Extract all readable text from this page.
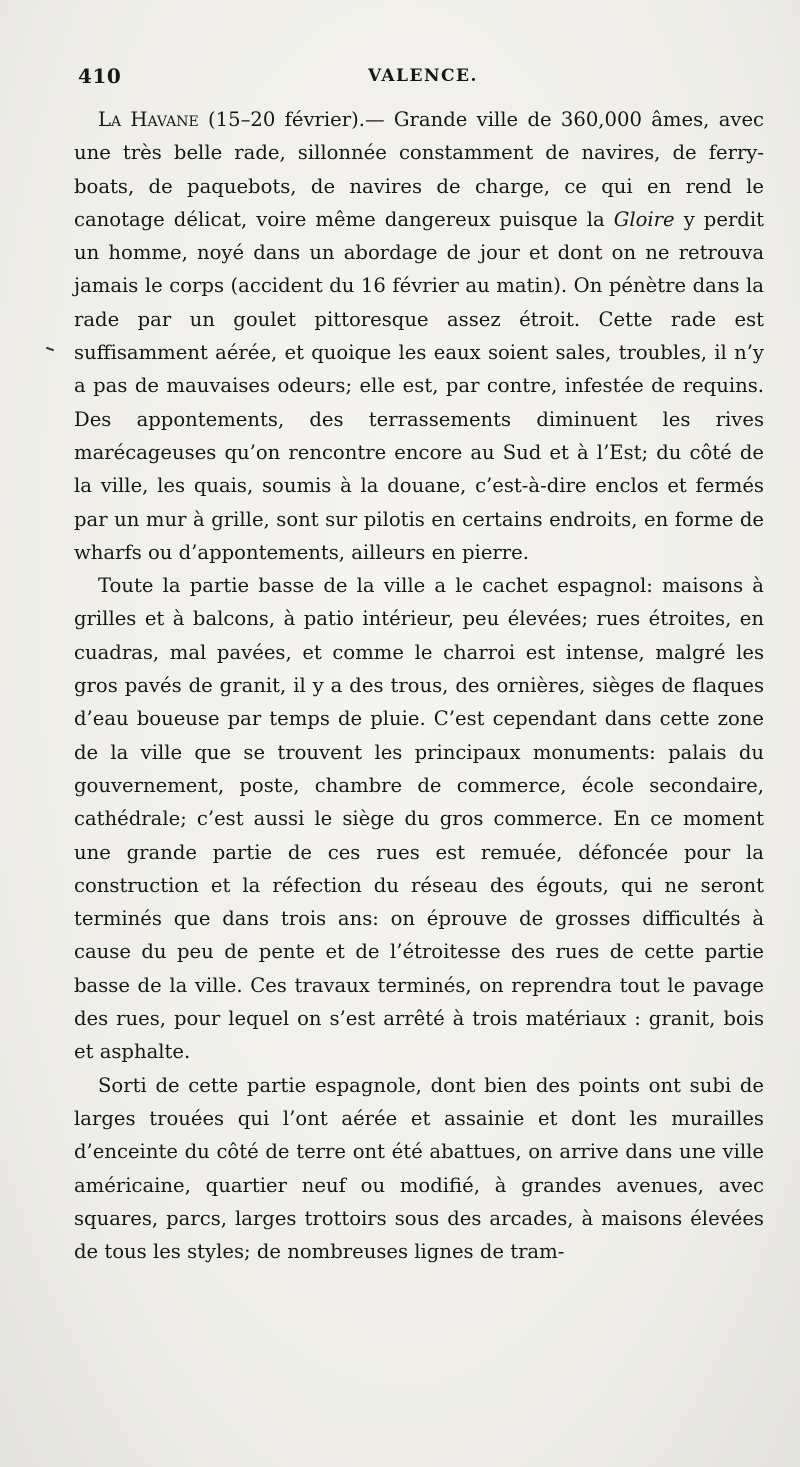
410	VALENCE.

La Havane (15–20 février).— Grande ville de 360,000 âmes, avec une très belle rade, sillonnée constamment de navires, de ferry-boats, de paquebots, de navires de charge, ce qui en rend le canotage délicat, voire même dangereux puisque la Gloire y perdit un homme, noyé dans un abordage de jour et dont on ne retrouva jamais le corps (accident du 16 février au matin). On pénètre dans la rade par un goulet pittoresque assez étroit. Cette rade est suffisamment aérée, et quoique les eaux soient sales, troubles, il n’y a pas de mauvaises odeurs; elle est, par contre, infestée de requins. Des appontements, des terrassements diminuent les rives marécageuses qu’on rencontre encore au Sud et à l’Est; du côté de la ville, les quais, soumis à la douane, c’est-à-dire enclos et fermés par un mur à grille, sont sur pilotis en certains endroits, en forme de wharfs ou d’appontements, ailleurs en pierre.

Toute la partie basse de la ville a le cachet espagnol: maisons à grilles et à balcons, à patio intérieur, peu élevées; rues étroites, en cuadras, mal pavées, et comme le charroi est intense, malgré les gros pavés de granit, il y a des trous, des ornières, sièges de flaques d’eau boueuse par temps de pluie. C’est cependant dans cette zone de la ville que se trouvent les principaux monuments: palais du gouvernement, poste, chambre de commerce, école secondaire, cathédrale; c’est aussi le siège du gros commerce. En ce moment une grande partie de ces rues est remuée, défoncée pour la construction et la réfection du réseau des égouts, qui ne seront terminés que dans trois ans: on éprouve de grosses difficultés à cause du peu de pente et de l’étroitesse des rues de cette partie basse de la ville. Ces travaux terminés, on reprendra tout le pavage des rues, pour lequel on s’est arrêté à trois matériaux : granit, bois et asphalte.

Sorti de cette partie espagnole, dont bien des points ont subi de larges trouées qui l’ont aérée et assainie et dont les murailles d’enceinte du côté de terre ont été abattues, on arrive dans une ville américaine, quartier neuf ou modifié, à grandes avenues, avec squares, parcs, larges trottoirs sous des arcades, à maisons élevées de tous les styles; de nombreuses lignes de tram-
